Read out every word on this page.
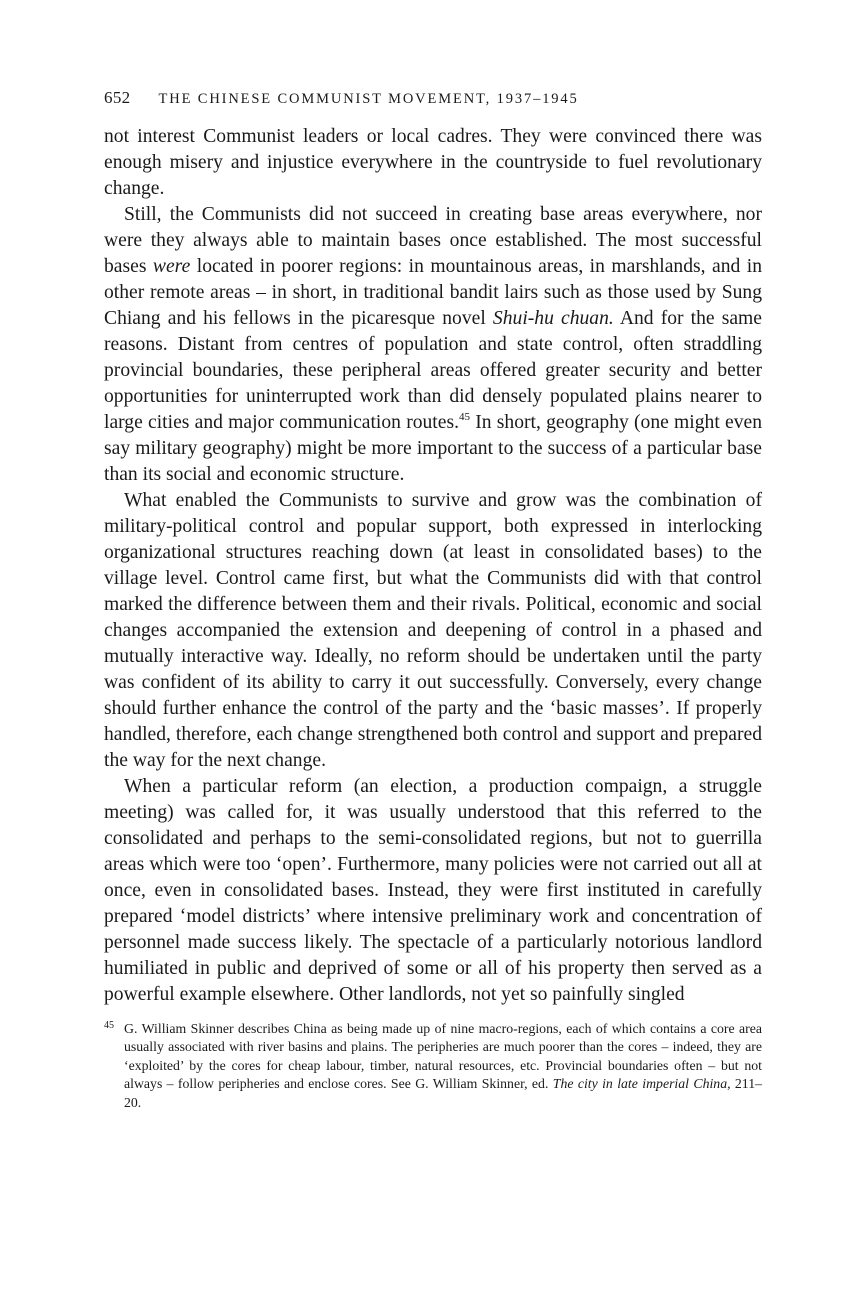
652 THE CHINESE COMMUNIST MOVEMENT, 1937–1945

not interest Communist leaders or local cadres. They were convinced there was enough misery and injustice everywhere in the countryside to fuel revolutionary change.

Still, the Communists did not succeed in creating base areas everywhere, nor were they always able to maintain bases once established. The most successful bases were located in poorer regions: in mountainous areas, in marshlands, and in other remote areas – in short, in traditional bandit lairs such as those used by Sung Chiang and his fellows in the picaresque novel Shui-hu chuan. And for the same reasons. Distant from centres of population and state control, often straddling provincial boundaries, these peripheral areas offered greater security and better opportunities for uninterrupted work than did densely populated plains nearer to large cities and major communication routes.$^{45}$ In short, geography (one might even say military geography) might be more important to the success of a particular base than its social and economic structure.

What enabled the Communists to survive and grow was the combination of military-political control and popular support, both expressed in interlocking organizational structures reaching down (at least in consolidated bases) to the village level. Control came first, but what the Communists did with that control marked the difference between them and their rivals. Political, economic and social changes accompanied the extension and deepening of control in a phased and mutually interactive way. Ideally, no reform should be undertaken until the party was confident of its ability to carry it out successfully. Conversely, every change should further enhance the control of the party and the ‘basic masses’. If properly handled, therefore, each change strengthened both control and support and prepared the way for the next change.

When a particular reform (an election, a production compaign, a struggle meeting) was called for, it was usually understood that this referred to the consolidated and perhaps to the semi-consolidated regions, but not to guerrilla areas which were too ‘open’. Furthermore, many policies were not carried out all at once, even in consolidated bases. Instead, they were first instituted in carefully prepared ‘model districts’ where intensive preliminary work and concentration of personnel made success likely. The spectacle of a particularly notorious landlord humiliated in public and deprived of some or all of his property then served as a powerful example elsewhere. Other landlords, not yet so painfully singled

45 G. William Skinner describes China as being made up of nine macro-regions, each of which contains a core area usually associated with river basins and plains. The peripheries are much poorer than the cores – indeed, they are ‘exploited’ by the cores for cheap labour, timber, natural resources, etc. Provincial boundaries often – but not always – follow peripheries and enclose cores. See G. William Skinner, ed. The city in late imperial China, 211–20.
